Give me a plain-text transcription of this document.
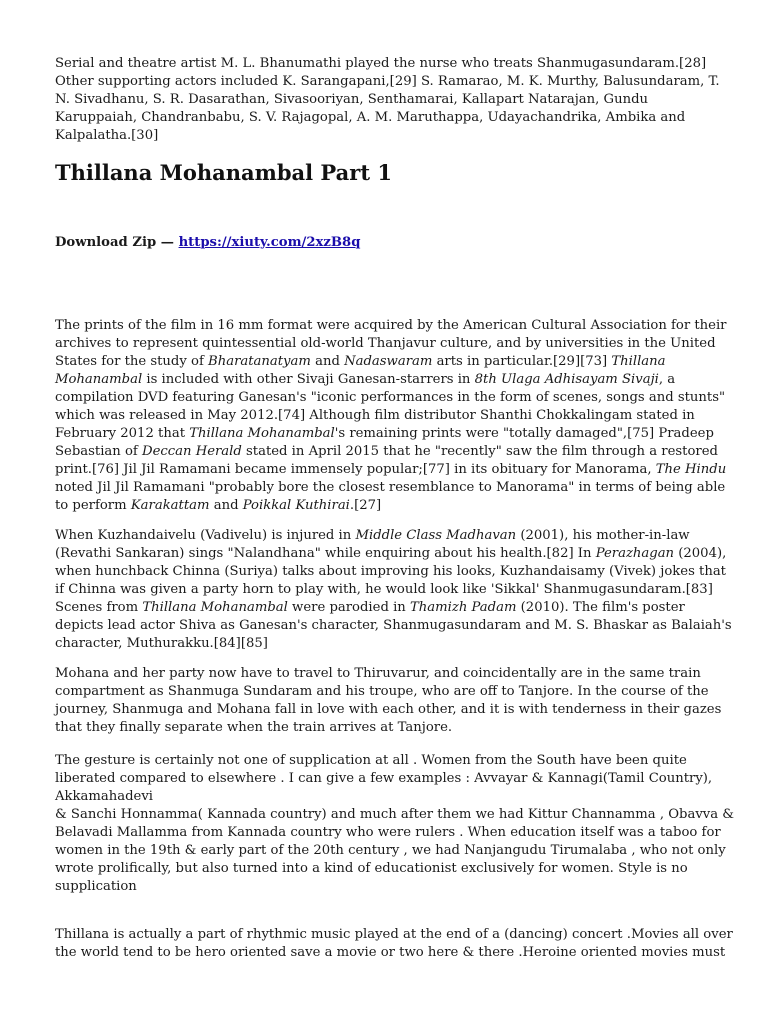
Serial and theatre artist M. L. Bhanumathi played the nurse who treats Shanmugasundaram.[28]
Other supporting actors included K. Sarangapani,[29] S. Ramarao, M. K. Murthy, Balusundaram, T.
N. Sivadhanu, S. R. Dasarathan, Sivasooriyan, Senthamarai, Kallapart Natarajan, Gundu
Karuppaiah, Chandranbabu, S. V. Rajagopal, A. M. Maruthappa, Udayachandrika, Ambika and
Kalpalatha.[30]
Thillana Mohanambal Part 1
Download Zip — https://xiuty.com/2xzB8q
The prints of the film in 16 mm format were acquired by the American Cultural Association for their
archives to represent quintessential old-world Thanjavur culture, and by universities in the United
States for the study of Bharatanatyam and Nadaswaram arts in particular.[29][73] Thillana
Mohanambal is included with other Sivaji Ganesan-starrers in 8th Ulaga Adhisayam Sivaji, a
compilation DVD featuring Ganesan's "iconic performances in the form of scenes, songs and stunts"
which was released in May 2012.[74] Although film distributor Shanthi Chokkalingam stated in
February 2012 that Thillana Mohanambal's remaining prints were "totally damaged",[75] Pradeep
Sebastian of Deccan Herald stated in April 2015 that he "recently" saw the film through a restored
print.[76] Jil Jil Ramamani became immensely popular;[77] in its obituary for Manorama, The Hindu
noted Jil Jil Ramamani "probably bore the closest resemblance to Manorama" in terms of being able
to perform Karakattam and Poikkal Kuthirai.[27]
When Kuzhandaivelu (Vadivelu) is injured in Middle Class Madhavan (2001), his mother-in-law
(Revathi Sankaran) sings "Nalandhana" while enquiring about his health.[82] In Perazhagan (2004),
when hunchback Chinna (Suriya) talks about improving his looks, Kuzhandaisamy (Vivek) jokes that
if Chinna was given a party horn to play with, he would look like 'Sikkal' Shanmugasundaram.[83]
Scenes from Thillana Mohanambal were parodied in Thamizh Padam (2010). The film's poster
depicts lead actor Shiva as Ganesan's character, Shanmugasundaram and M. S. Bhaskar as Balaiah's
character, Muthurakku.[84][85]
Mohana and her party now have to travel to Thiruvarur, and coincidentally are in the same train
compartment as Shanmuga Sundaram and his troupe, who are off to Tanjore. In the course of the
journey, Shanmuga and Mohana fall in love with each other, and it is with tenderness in their gazes
that they finally separate when the train arrives at Tanjore.
The gesture is certainly not one of supplication at all . Women from the South have been quite
liberated compared to elsewhere . I can give a few examples : Avvayar & Kannagi(Tamil Country),
Akkamahadevi
& Sanchi Honnamma( Kannada country) and much after them we had Kittur Channamma , Obavva &
Belavadi Mallamma from Kannada country who were rulers . When education itself was a taboo for
women in the 19th & early part of the 20th century , we had Nanjangudu Tirumalaba , who not only
wrote prolifically, but also turned into a kind of educationist exclusively for women. Style is no
supplication
Thillana is actually a part of rhythmic music played at the end of a (dancing) concert .Movies all over
the world tend to be hero oriented save a movie or two here & there .Heroine oriented movies must
